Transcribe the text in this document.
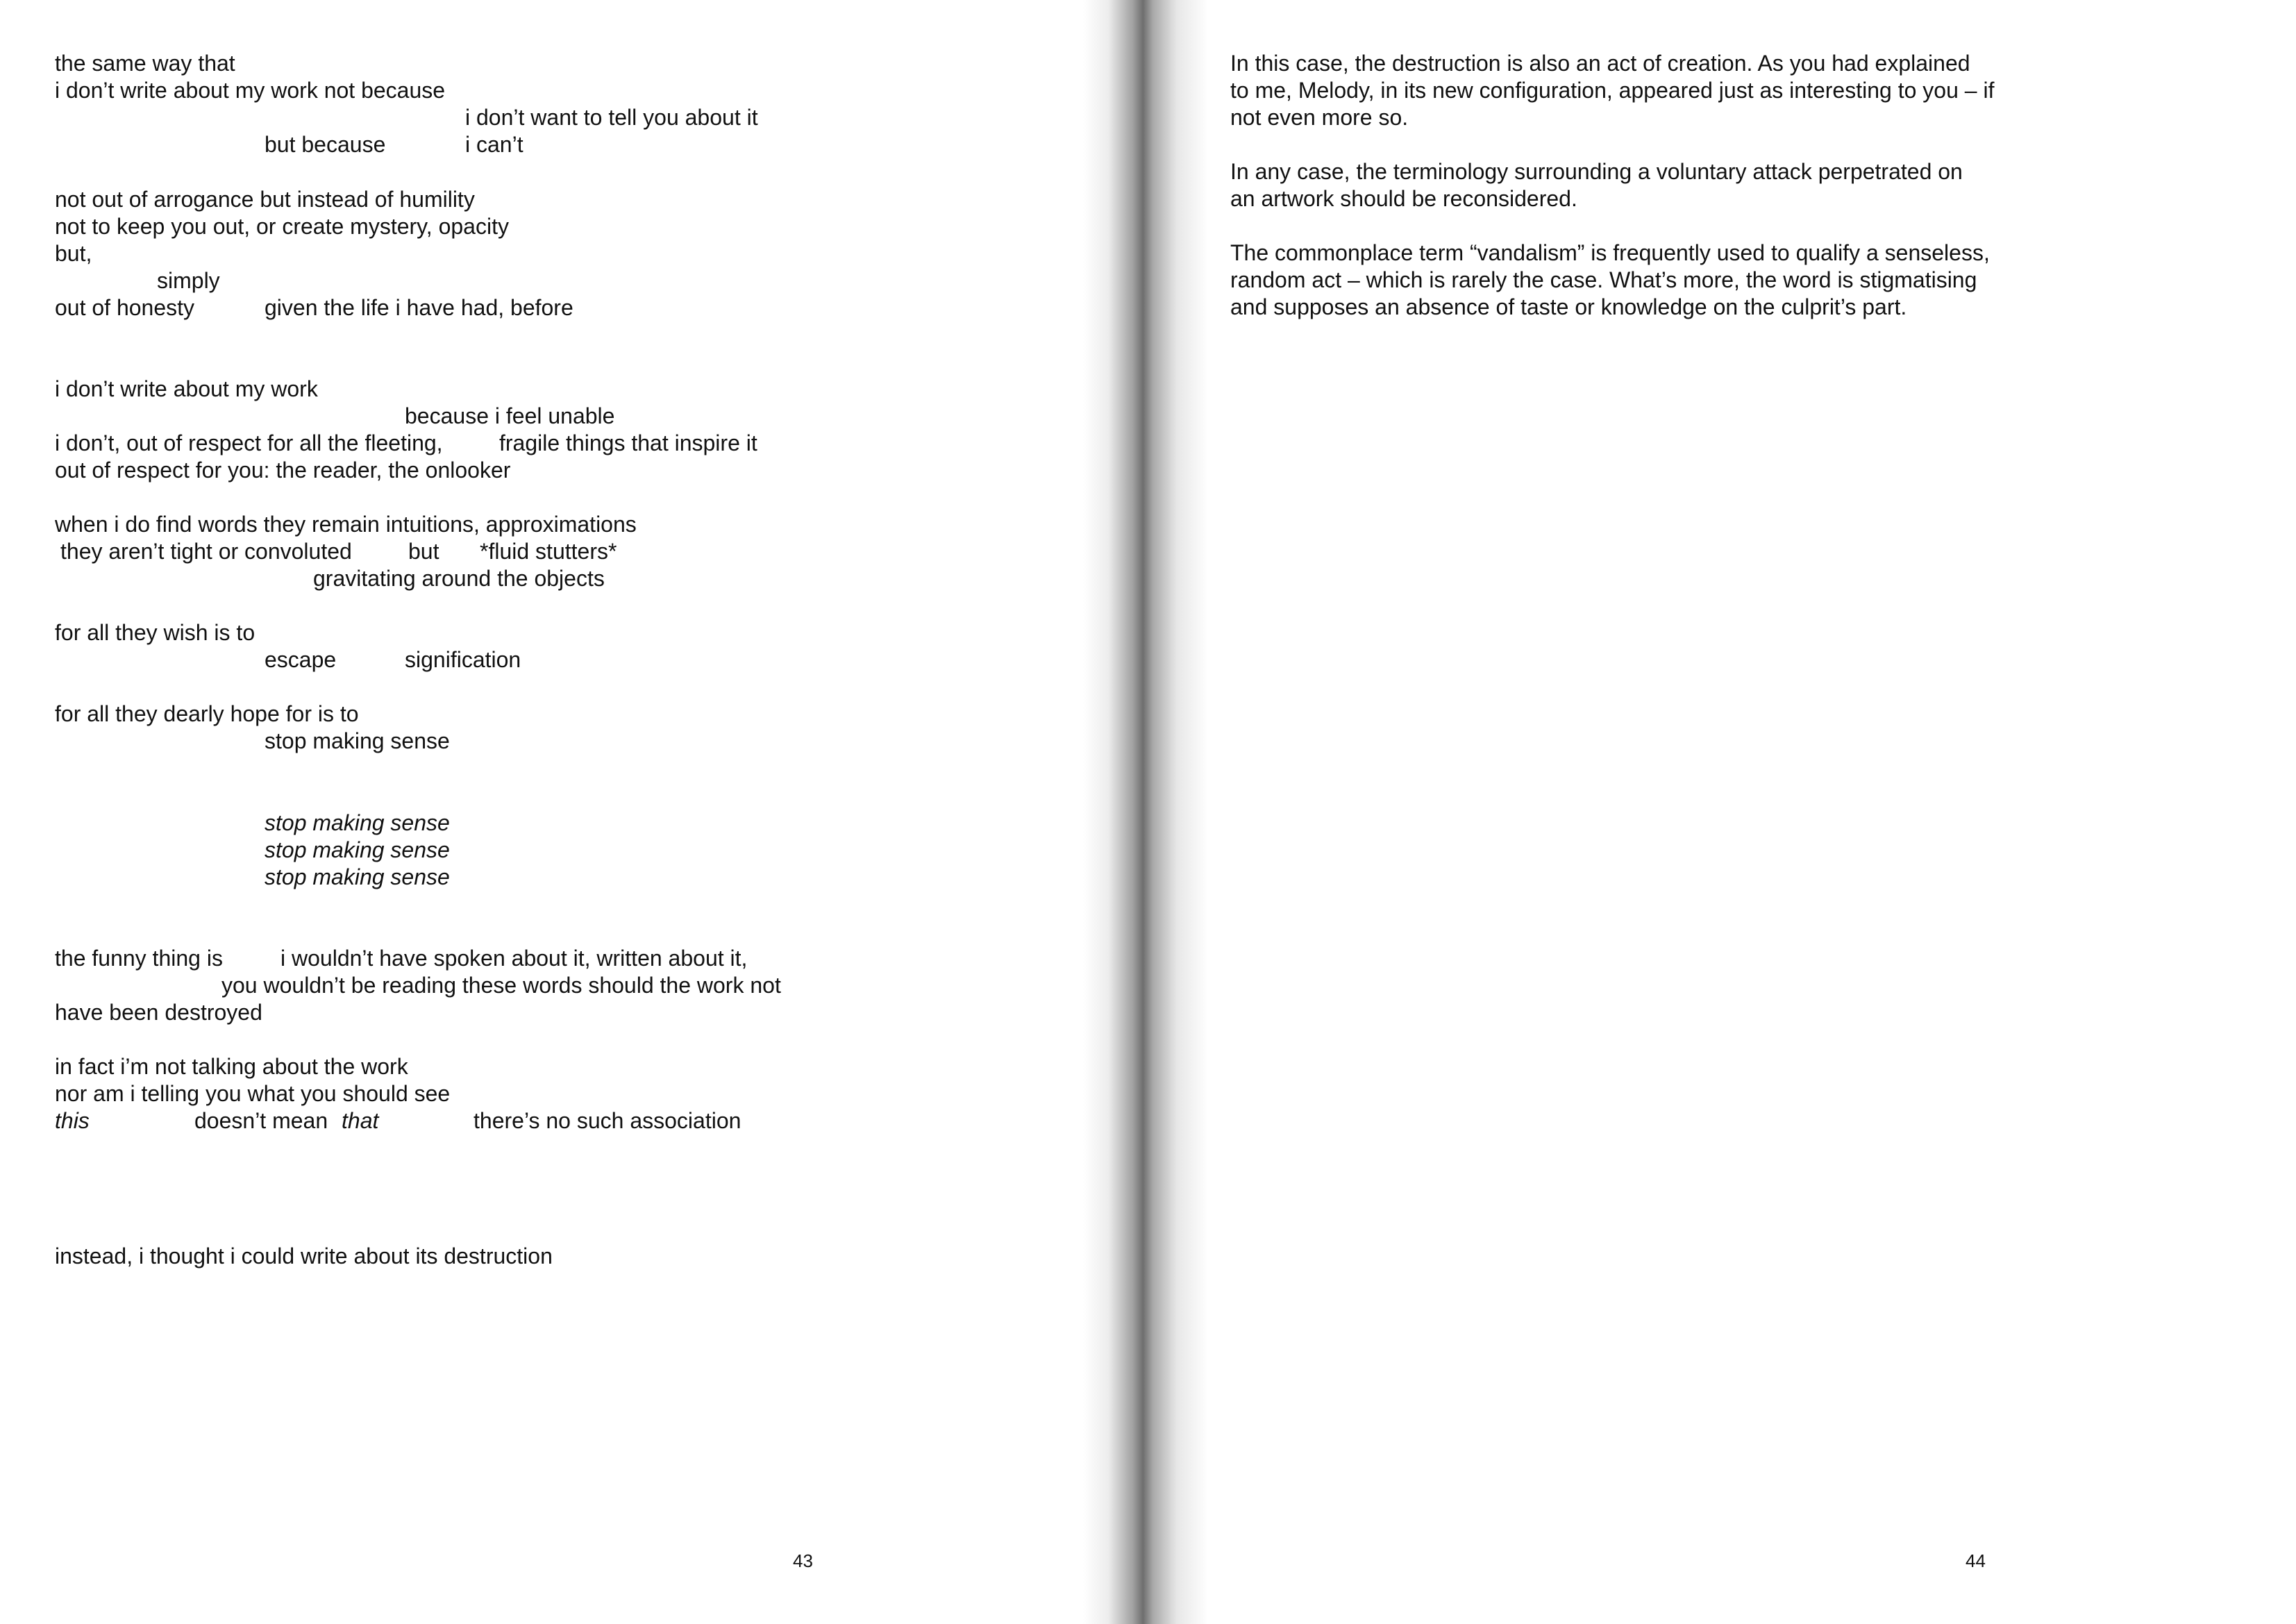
the same way that
i don’t write about my work not because
i don’t want to tell you about it
but because	i can’t
not out of arrogance but instead of humility
not to keep you out, or create mystery, opacity
but,
simply
out of honesty	given the life i have had, before
i don’t write about my work
because i feel unable
i don’t, out of respect for all the fleeting,	fragile things that inspire it
out of respect for you: the reader, the onlooker
when i do find words they remain intuitions, approximations
they aren’t tight or convoluted	but *fluid stutters*
gravitating around the objects
for all they wish is to
escape	signification
for all they dearly hope for is to
stop making sense
stop making sense
stop making sense
stop making sense
the funny thing is	i wouldn’t have spoken about it, written about it,
you wouldn’t be reading these words should the work not
have been destroyed
in fact i’m not talking about the work
nor am i telling you what you should see
this	doesn’t mean that	there’s no such association
instead, i thought i could write about its destruction
43
In this case, the destruction is also an act of creation. As you had explained
to me, Melody, in its new configuration, appeared just as interesting to you – if
not even more so.
In any case, the terminology surrounding a voluntary attack perpetrated on
an artwork should be reconsidered.
The commonplace term “vandalism” is frequently used to qualify a senseless,
random act – which is rarely the case. What’s more, the word is stigmatising
and supposes an absence of taste or knowledge on the culprit’s part.
44
